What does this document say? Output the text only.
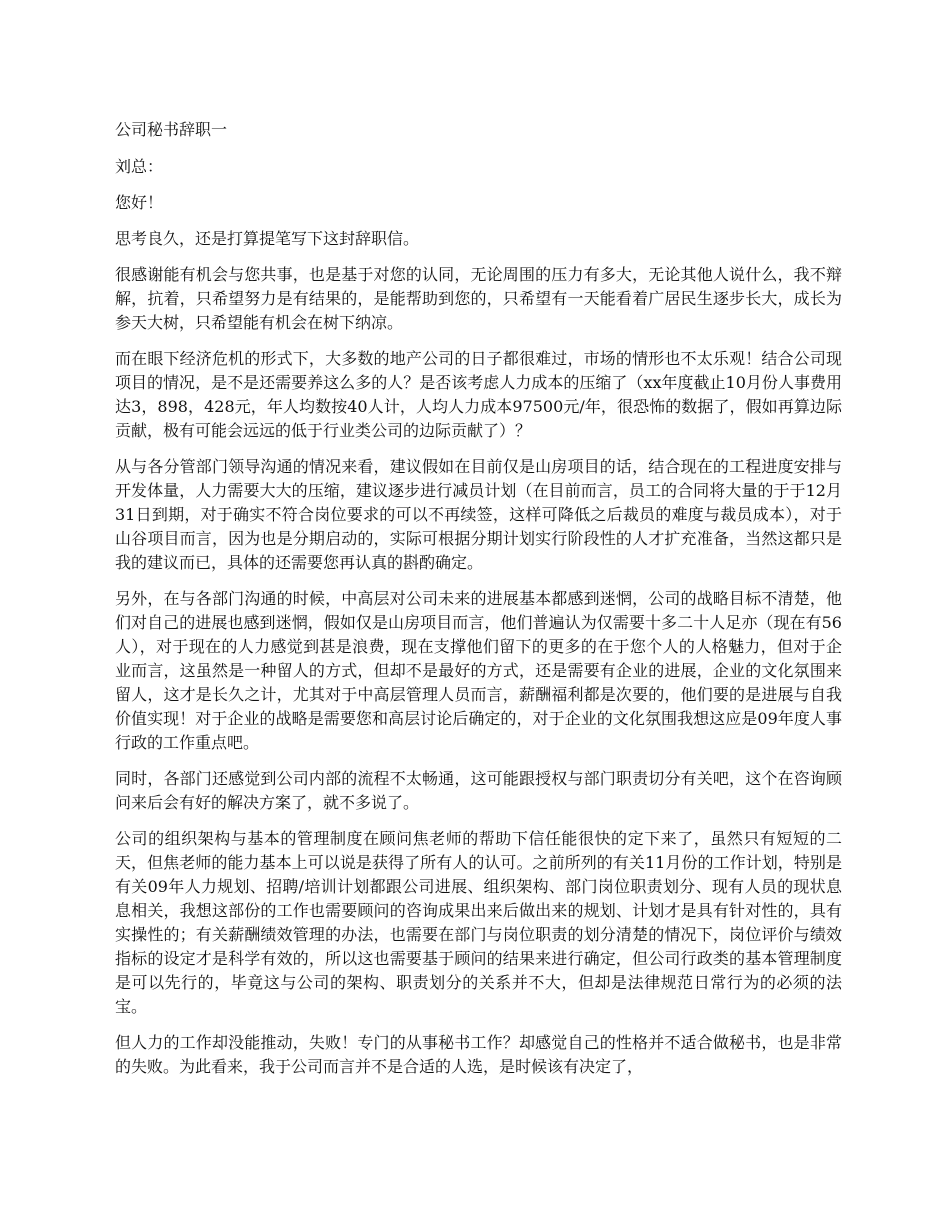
公司秘书辞职一

刘总：

您好！

思考良久，还是打算提笔写下这封辞职信。

很感谢能有机会与您共事，也是基于对您的认同，无论周围的压力有多大，无论其他人说什么，我不辩解，抗着，只希望努力是有结果的，是能帮助到您的，只希望有一天能看着广居民生逐步长大，成长为参天大树，只希望能有机会在树下纳凉。

而在眼下经济危机的形式下，大多数的地产公司的日子都很难过，市场的情形也不太乐观！结合公司现项目的情况，是不是还需要养这么多的人？是否该考虑人力成本的压缩了（xx年度截止10月份人事费用达3，898，428元，年人均数按40人计，人均人力成本97500元/年，很恐怖的数据了，假如再算边际贡献，极有可能会远远的低于行业类公司的边际贡献了）？

从与各分管部门领导沟通的情况来看，建议假如在目前仅是山房项目的话，结合现在的工程进度安排与开发体量，人力需要大大的压缩，建议逐步进行减员计划（在目前而言，员工的合同将大量的于于12月31日到期，对于确实不符合岗位要求的可以不再续签，这样可降低之后裁员的难度与裁员成本），对于山谷项目而言，因为也是分期启动的，实际可根据分期计划实行阶段性的人才扩充准备，当然这都只是我的建议而已，具体的还需要您再认真的斟酌确定。

另外，在与各部门沟通的时候，中高层对公司未来的进展基本都感到迷惘，公司的战略目标不清楚，他们对自己的进展也感到迷惘，假如仅是山房项目而言，他们普遍认为仅需要十多二十人足亦（现在有56人），对于现在的人力感觉到甚是浪费，现在支撑他们留下的更多的在于您个人的人格魅力，但对于企业而言，这虽然是一种留人的方式，但却不是最好的方式，还是需要有企业的进展，企业的文化氛围来留人，这才是长久之计，尤其对于中高层管理人员而言，薪酬福利都是次要的，他们要的是进展与自我价值实现！对于企业的战略是需要您和高层讨论后确定的，对于企业的文化氛围我想这应是09年度人事行政的工作重点吧。

同时，各部门还感觉到公司内部的流程不太畅通，这可能跟授权与部门职责切分有关吧，这个在咨询顾问来后会有好的解决方案了，就不多说了。

公司的组织架构与基本的管理制度在顾问焦老师的帮助下信任能很快的定下来了，虽然只有短短的二天，但焦老师的能力基本上可以说是获得了所有人的认可。之前所列的有关11月份的工作计划，特别是有关09年人力规划、招聘/培训计划都跟公司进展、组织架构、部门岗位职责划分、现有人员的现状息息相关，我想这部份的工作也需要顾问的咨询成果出来后做出来的规划、计划才是具有针对性的，具有实操性的；有关薪酬绩效管理的办法，也需要在部门与岗位职责的划分清楚的情况下，岗位评价与绩效指标的设定才是科学有效的，所以这也需要基于顾问的结果来进行确定，但公司行政类的基本管理制度是可以先行的，毕竟这与公司的架构、职责划分的关系并不大，但却是法律规范日常行为的必须的法宝。

但人力的工作却没能推动，失败！专门的从事秘书工作？却感觉自己的性格并不适合做秘书，也是非常的失败。为此看来，我于公司而言并不是合适的人选，是时候该有决定了，
